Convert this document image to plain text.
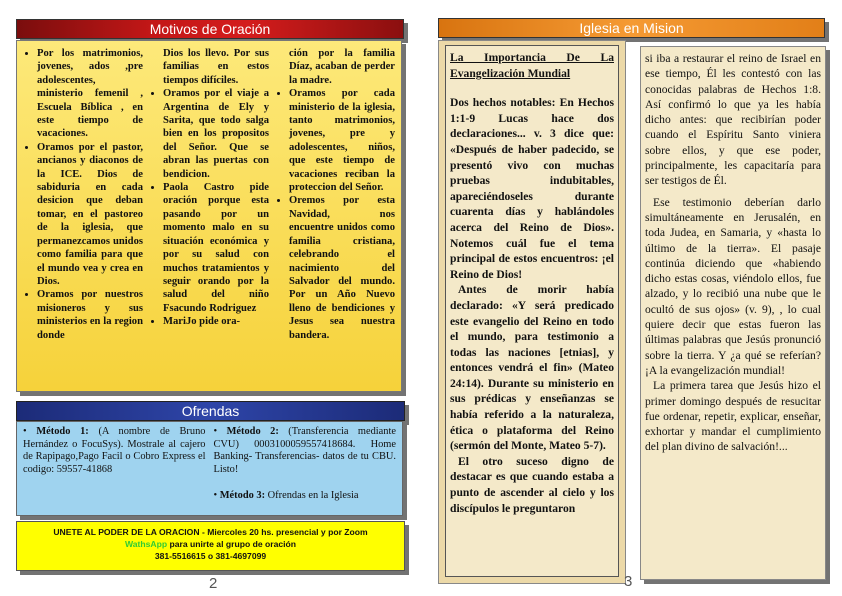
Motivos de Oración
• Por los matrimonios, jovenes, ados ,pre adolescentes, ministerio femenil , Escuela Bíblica , en este tiempo de vacaciones.
• Oramos por el pastor, ancianos y diaconos de la ICE. Dios de sabiduria en cada desicion que deban tomar, en el pastoreo de la iglesia, que permanezcamos unidos como familia para que el mundo vea y crea en Dios.
• Oramos por nuestros misioneros y sus ministerios en la region donde

Dios los llevo. Por sus familias en estos tiempos difíciles.

• Oramos por el viaje a Argentina de Ely y Sarita, que todo salga bien en los propositos del Señor. Que se abran las puertas con bendicion.
• Paola Castro pide oración porque esta pasando por un momento malo en su situación económica y por su salud con muchos tratamientos y seguir orando por la salud del niño Fsacundo Rodriguez
• MariJo pide ora-

ción por la familia Díaz, acaban de perder la madre.

• Oramos por cada ministerio de la iglesia, tanto matrimonios, jovenes, pre y adolescentes, niños, que este tiempo de vacaciones reciban la proteccion del Señor.
• Oremos por esta Navidad, nos encuentre unidos como familia cristiana, celebrando el nacimiento del Salvador del mundo. Por un Año Nuevo lleno de bendiciones y Jesus sea nuestra bandera.
Ofrendas

• Método 1: (A nombre de Bruno Hernández o FocuSys). Mostrale al cajero de Rapipago,Pago Facil o Cobro Express el codigo: 59557-41868

• Método 2: (Transferencia mediante CVU) 0003100059557418684. Home Banking- Transferencias- datos de tu CBU. Listo!

• Método 3: Ofrendas en la Iglesia

UNETE AL PODER DE LA ORACION - Miercoles 20 hs. presencial y por Zoom
WathsApp para unirte al grupo de oración
381-5516615 o 381-4697099
2
Iglesia en Mision

La Importancia De La Evangelización Mundial

Dos hechos notables: En Hechos 1:1-9 Lucas hace dos declaraciones... v. 3 dice que: «Después de haber padecido, se presentó vivo con muchas pruebas indubitables, apareciéndoseles durante cuarenta días y hablándoles acerca del Reino de Dios». Notemos cuál fue el tema principal de estos encuentros: ¡el Reino de Dios!

Antes de morir había declarado: «Y será predicado este evangelio del Reino en todo el mundo, para testimonio a todas las naciones [etnias], y entonces vendrá el fin» (Mateo 24:14). Durante su ministerio en sus prédicas y enseñanzas se había referido a la naturaleza, ética o plataforma del Reino (sermón del Monte, Mateo 5-7).

El otro suceso digno de destacar es que cuando estaba a punto de ascender al cielo y los discípulos le preguntaron

si iba a restaurar el reino de Israel en ese tiempo, Él les contestó con las conocidas palabras de Hechos 1:8. Así confirmó lo que ya les había dicho antes: que recibirían poder cuando el Espíritu Santo viniera sobre ellos, y que ese poder, principalmente, les capacitaría para ser testigos de Él.

Ese testimonio deberían darlo simultáneamente en Jerusalén, en toda Judea, en Samaria, y «hasta lo último de la tierra». El pasaje continúa diciendo que «habiendo dicho estas cosas, viéndolo ellos, fue alzado, y lo recibió una nube que le ocultó de sus ojos» (v. 9), , lo cual quiere decir que estas fueron las últimas palabras que Jesús pronunció sobre la tierra. Y ¿a qué se referían? ¡A la evangelización mundial!

La primera tarea que Jesús hizo el primer domingo después de resucitar fue ordenar, repetir, explicar, enseñar, exhortar y mandar el cumplimiento del plan divino de salvación!...

3
